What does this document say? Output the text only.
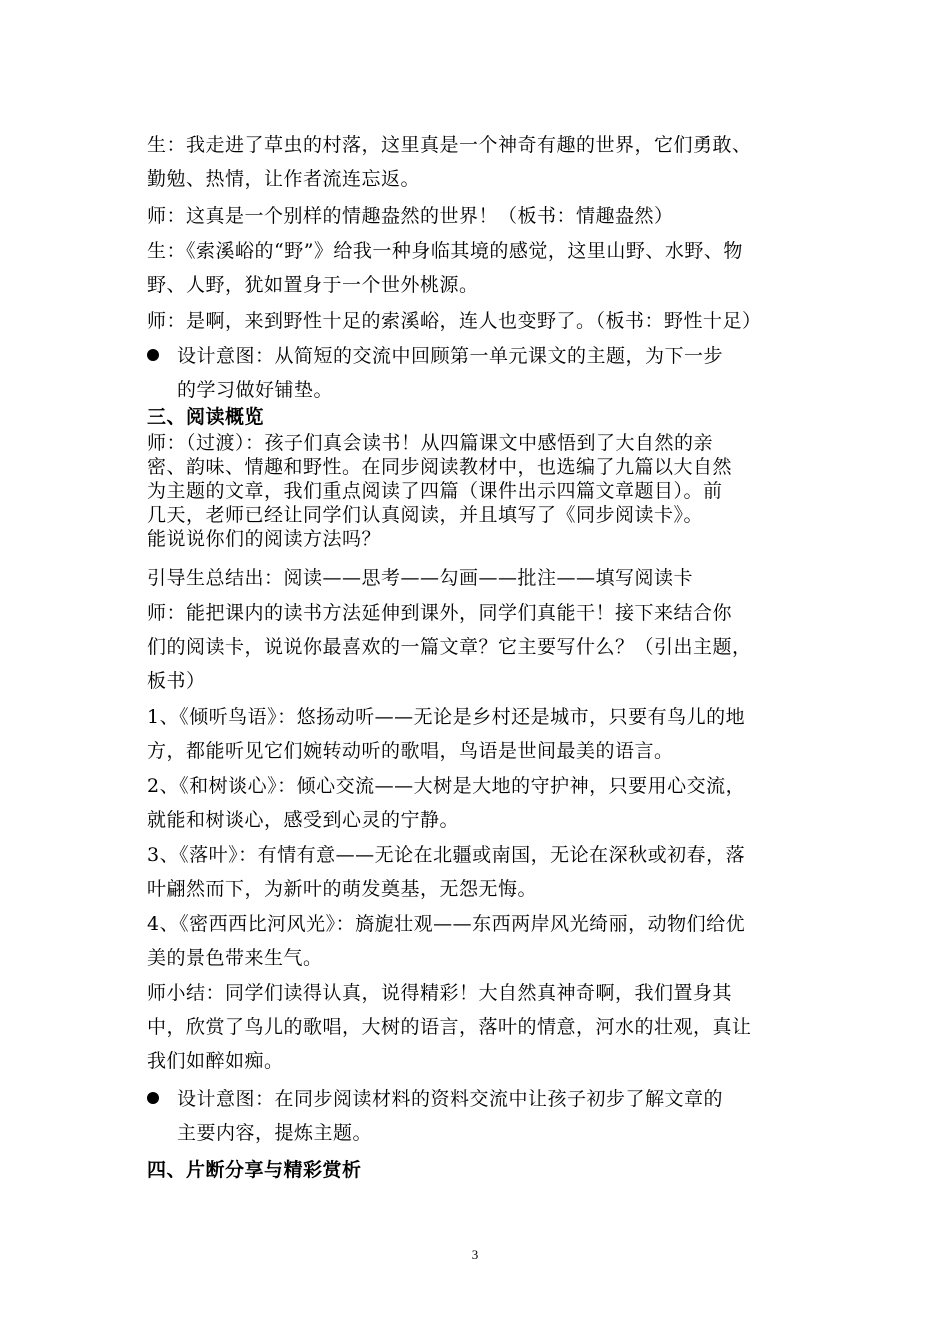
生：我走进了草虫的村落，这里真是一个神奇有趣的世界，它们勇敢、
勤勉、热情，让作者流连忘返。
师：这真是一个别样的情趣盎然的世界！（板书：情趣盎然）
生：《索溪峪的“野”》给我一种身临其境的感觉，这里山野、水野、物
野、人野，犹如置身于一个世外桃源。
师：是啊，来到野性十足的索溪峪，连人也变野了。（板书：野性十足）
设计意图：从简短的交流中回顾第一单元课文的主题，为下一步
的学习做好铺垫。
三、阅读概览
师：（过渡）：孩子们真会读书！从四篇课文中感悟到了大自然的亲
密、韵味、情趣和野性。在同步阅读教材中，也选编了九篇以大自然
为主题的文章，我们重点阅读了四篇（课件出示四篇文章题目）。前
几天，老师已经让同学们认真阅读，并且填写了《同步阅读卡》。
能说说你们的阅读方法吗？
引导生总结出：阅读——思考——勾画——批注——填写阅读卡
师：能把课内的读书方法延伸到课外，同学们真能干！接下来结合你
们的阅读卡，说说你最喜欢的一篇文章？它主要写什么？（引出主题，
板书）
1、《倾听鸟语》：悠扬动听——无论是乡村还是城市，只要有鸟儿的地
方，都能听见它们婉转动听的歌唱，鸟语是世间最美的语言。
2、《和树谈心》：倾心交流——大树是大地的守护神，只要用心交流，
就能和树谈心，感受到心灵的宁静。
3、《落叶》：有情有意——无论在北疆或南国，无论在深秋或初春，落
叶翩然而下，为新叶的萌发奠基，无怨无悔。
4、《密西西比河风光》：旖旎壮观——东西两岸风光绮丽，动物们给优
美的景色带来生气。
师小结：同学们读得认真，说得精彩！大自然真神奇啊，我们置身其
中，欣赏了鸟儿的歌唱，大树的语言，落叶的情意，河水的壮观，真让
我们如醉如痴。
设计意图：在同步阅读材料的资料交流中让孩子初步了解文章的
主要内容，提炼主题。
四、片断分享与精彩赏析
3
